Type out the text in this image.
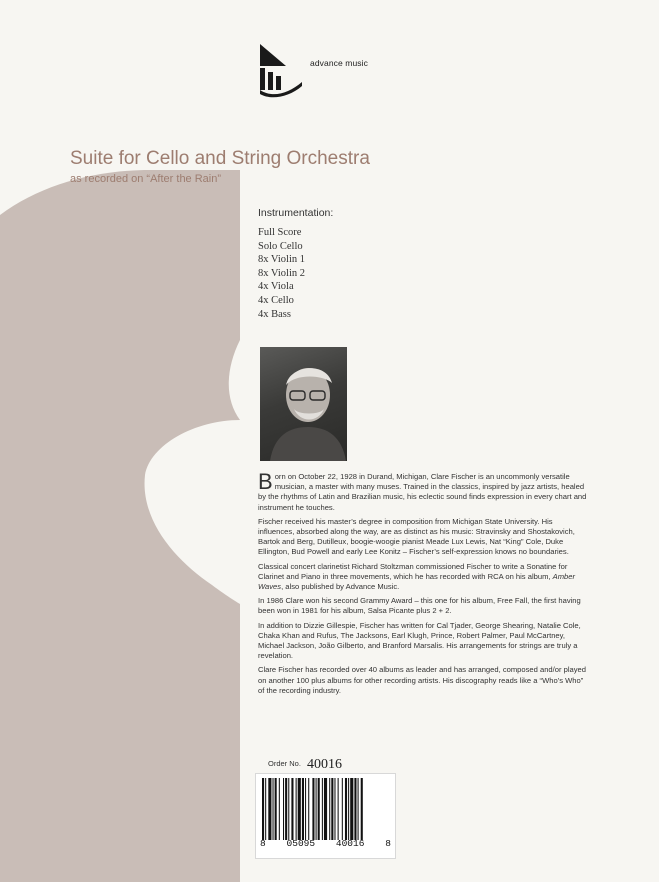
advance music
Suite for Cello and String Orchestra
as recorded on “After the Rain”
Instrumentation:
Full Score
Solo Cello
8x Violin 1
8x Violin 2
4x Viola
4x Cello
4x Bass

Born on October 22, 1928 in Durand, Michigan, Clare Fischer is an uncommonly versatile musician, a master with many muses. Trained in the classics, inspired by jazz artists, healed by the rhythms of Latin and Brazilian music, his eclectic sound finds expression in every chart and instrument he touches.

Fischer received his master’s degree in composition from Michigan State University. His influences, absorbed along the way, are as distinct as his music: Stravinsky and Shostakovich, Bartok and Berg, Dutilleux, boogie-woogie pianist Meade Lux Lewis, Nat “King” Cole, Duke Ellington, Bud Powell and early Lee Konitz – Fischer’s self-expression knows no boundaries.

Classical concert clarinetist Richard Stoltzman commissioned Fischer to write a Sonatine for Clarinet and Piano in three movements, which he has recorded with RCA on his album, Amber Waves, also published by Advance Music.

In 1986 Clare won his second Grammy Award – this one for his album, Free Fall, the first having been won in 1981 for his album, Salsa Picante plus 2 + 2.

In addition to Dizzie Gillespie, Fischer has written for Cal Tjader, George Shearing, Natalie Cole, Chaka Khan and Rufus, The Jacksons, Earl Klugh, Prince, Robert Palmer, Paul McCartney, Michael Jackson, João Gilberto, and Branford Marsalis. His arrangements for strings are truly a revelation.

Clare Fischer has recorded over 40 albums as leader and has arranged, composed and/or played on another 100 plus albums for other recording artists. His discography reads like a “Who’s Who” of the recording industry.

Order No. 40016
8 05095 40016 8
